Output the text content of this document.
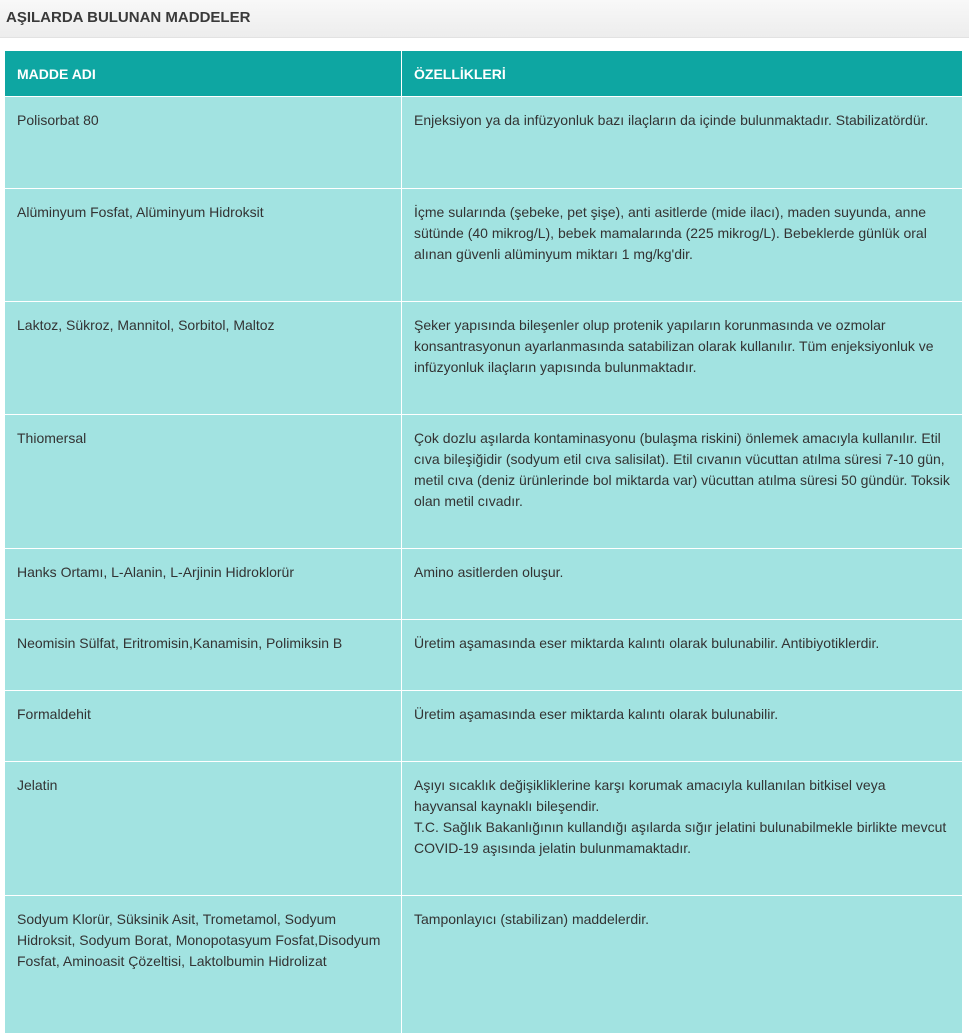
AŞILARDA BULUNAN MADDELER
MADDE ADI	ÖZELLİKLERİ
Polisorbat 80	Enjeksiyon ya da infüzyonluk bazı ilaçların da içinde bulunmaktadır. Stabilizatördür.
Alüminyum Fosfat, Alüminyum Hidroksit	İçme sularında (şebeke, pet şişe), anti asitlerde (mide ilacı), maden suyunda, anne sütünde (40 mikrog/L), bebek mamalarında (225 mikrog/L). Bebeklerde günlük oral alınan güvenli alüminyum miktarı 1 mg/kg'dir.
Laktoz, Sükroz, Mannitol, Sorbitol, Maltoz	Şeker yapısında bileşenler olup protenik yapıların korunmasında ve ozmolar konsantrasyonun ayarlanmasında satabilizan olarak kullanılır. Tüm enjeksiyonluk ve infüzyonluk ilaçların yapısında bulunmaktadır.
Thiomersal	Çok dozlu aşılarda kontaminasyonu (bulaşma riskini) önlemek amacıyla kullanılır. Etil cıva bileşiğidir (sodyum etil cıva salisilat). Etil cıvanın vücuttan atılma süresi 7-10 gün, metil cıva (deniz ürünlerinde bol miktarda var) vücuttan atılma süresi 50 gündür. Toksik olan metil cıvadır.
Hanks Ortamı, L-Alanin, L-Arjinin Hidroklorür	Amino asitlerden oluşur.
Neomisin Sülfat, Eritromisin,Kanamisin, Polimiksin B	Üretim aşamasında eser miktarda kalıntı olarak bulunabilir. Antibiyotiklerdir.
Formaldehit	Üretim aşamasında eser miktarda kalıntı olarak bulunabilir.
Jelatin	Aşıyı sıcaklık değişikliklerine karşı korumak amacıyla kullanılan bitkisel veya hayvansal kaynaklı bileşendir.
T.C. Sağlık Bakanlığının kullandığı aşılarda sığır jelatini bulunabilmekle birlikte mevcut COVID-19 aşısında jelatin bulunmamaktadır.

Sodyum Klorür, Süksinik Asit, Trometamol, Sodyum Hidroksit, Sodyum Borat, Monopotasyum Fosfat,Disodyum Fosfat, Aminoasit Çözeltisi, Laktolbumin Hidrolizat	Tamponlayıcı (stabilizan) maddelerdir.
